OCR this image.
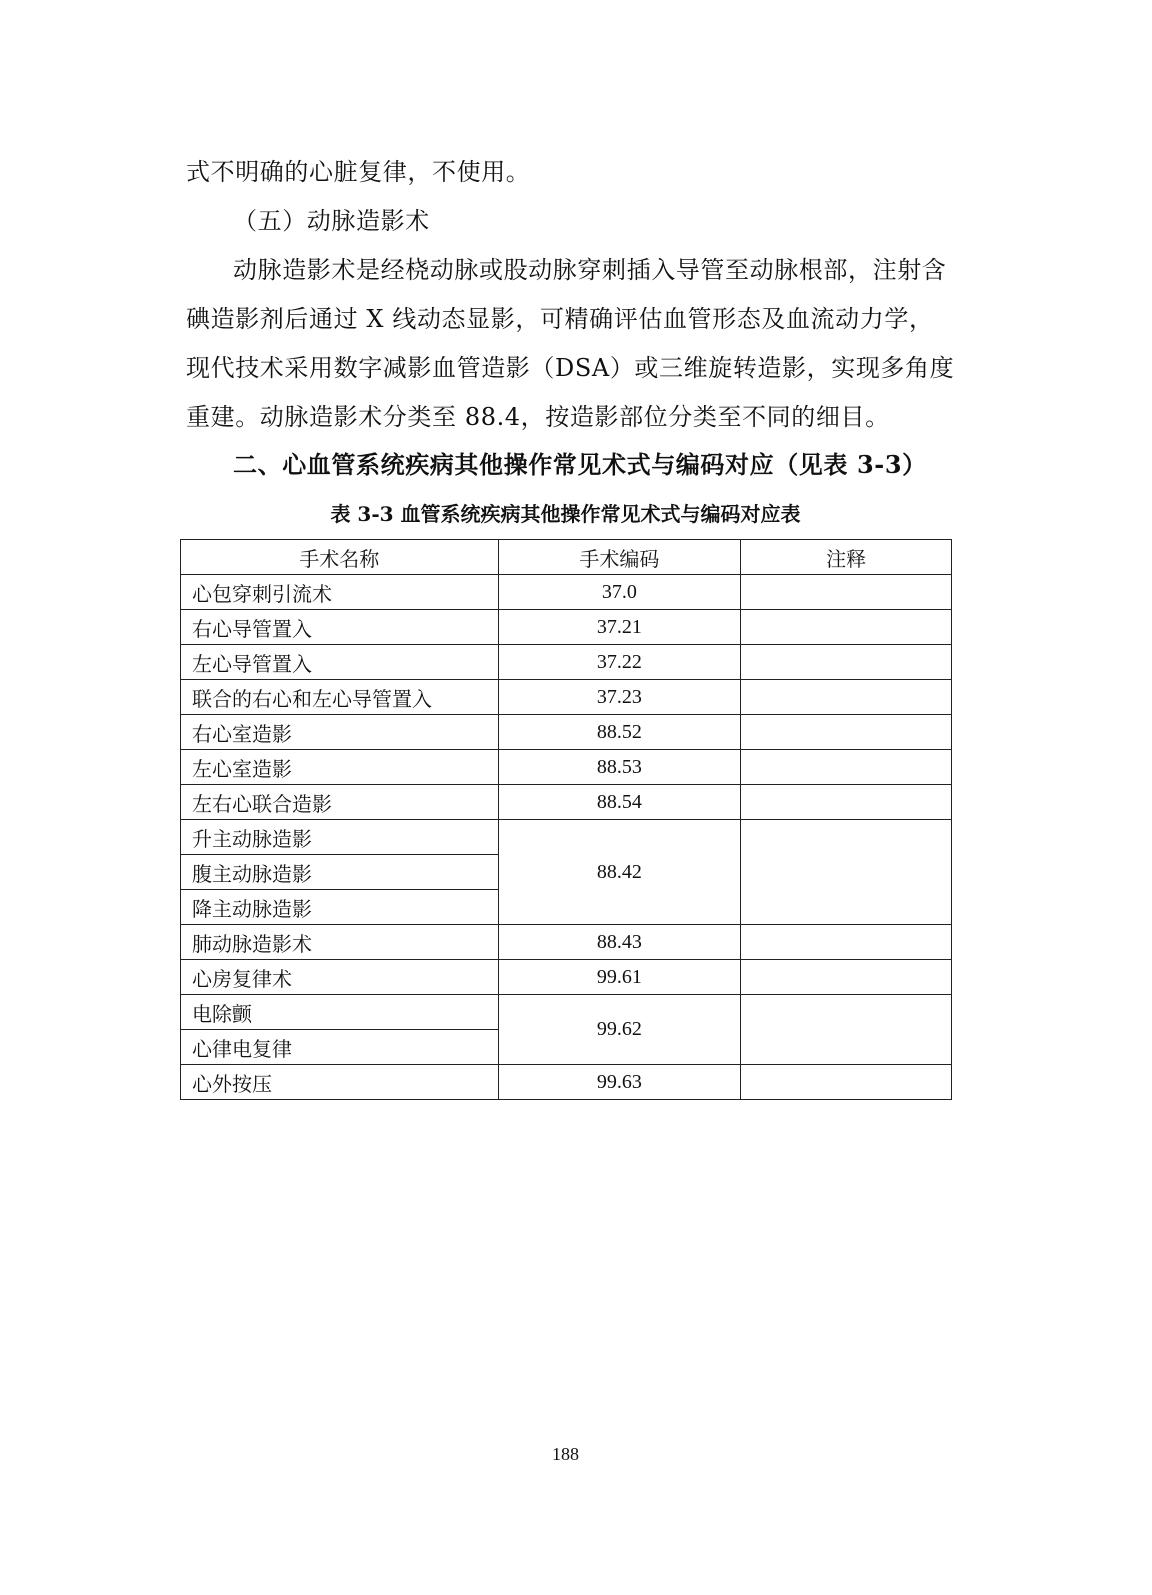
式不明确的心脏复律，不使用。
（五）动脉造影术
动脉造影术是经桡动脉或股动脉穿刺插入导管至动脉根部，注射含
碘造影剂后通过 X 线动态显影，可精确评估血管形态及血流动力学，
现代技术采用数字减影血管造影（DSA）或三维旋转造影，实现多角度
重建。动脉造影术分类至 88.4，按造影部位分类至不同的细目。
二、心血管系统疾病其他操作常见术式与编码对应（见表 3-3）
表 3-3 血管系统疾病其他操作常见术式与编码对应表
手术名称	手术编码	注释
心包穿刺引流术	37.0	
右心导管置入	37.21	
左心导管置入	37.22	
联合的右心和左心导管置入	37.23	
右心室造影	88.52	
左心室造影	88.53	
左右心联合造影	88.54	
升主动脉造影	88.42	
腹主动脉造影		
降主动脉造影		
肺动脉造影术	88.43	
心房复律术	99.61	
电除颤	99.62	
心律电复律		
心外按压	99.63	
188
